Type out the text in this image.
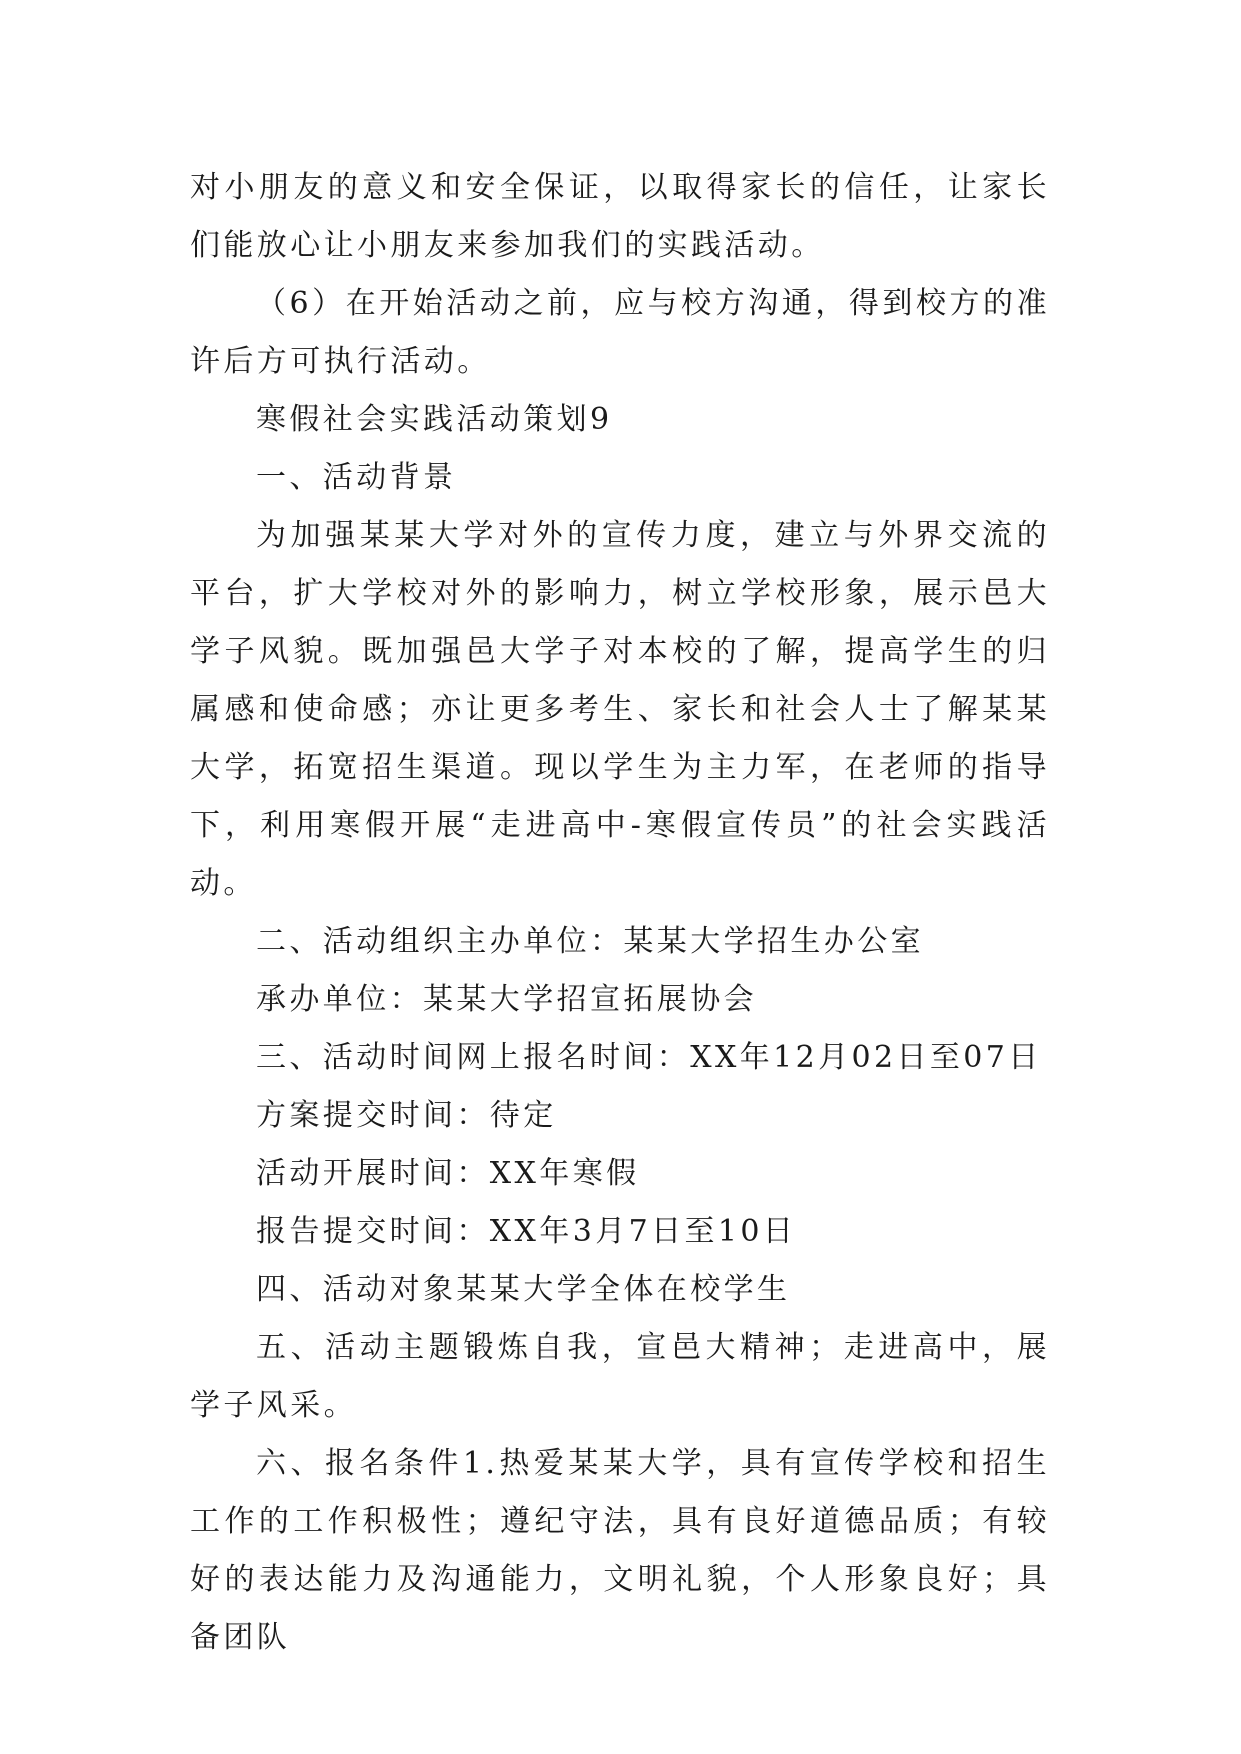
对小朋友的意义和安全保证，以取得家长的信任，让家长们能放心让小朋友来参加我们的实践活动。

（6）在开始活动之前，应与校方沟通，得到校方的准许后方可执行活动。

寒假社会实践活动策划9

一、活动背景

为加强某某大学对外的宣传力度，建立与外界交流的平台，扩大学校对外的影响力，树立学校形象，展示邑大学子风貌。既加强邑大学子对本校的了解，提高学生的归属感和使命感；亦让更多考生、家长和社会人士了解某某大学，拓宽招生渠道。现以学生为主力军，在老师的指导下，利用寒假开展“走进高中-寒假宣传员”的社会实践活动。

二、活动组织主办单位：某某大学招生办公室

承办单位：某某大学招宣拓展协会

三、活动时间网上报名时间：XX年12月02日至07日

方案提交时间：待定

活动开展时间：XX年寒假

报告提交时间：XX年3月7日至10日

四、活动对象某某大学全体在校学生

五、活动主题锻炼自我，宣邑大精神；走进高中，展学子风采。

六、报名条件1.热爱某某大学，具有宣传学校和招生工作的工作积极性；遵纪守法，具有良好道德品质；有较好的表达能力及沟通能力，文明礼貌，个人形象良好；具备团队
